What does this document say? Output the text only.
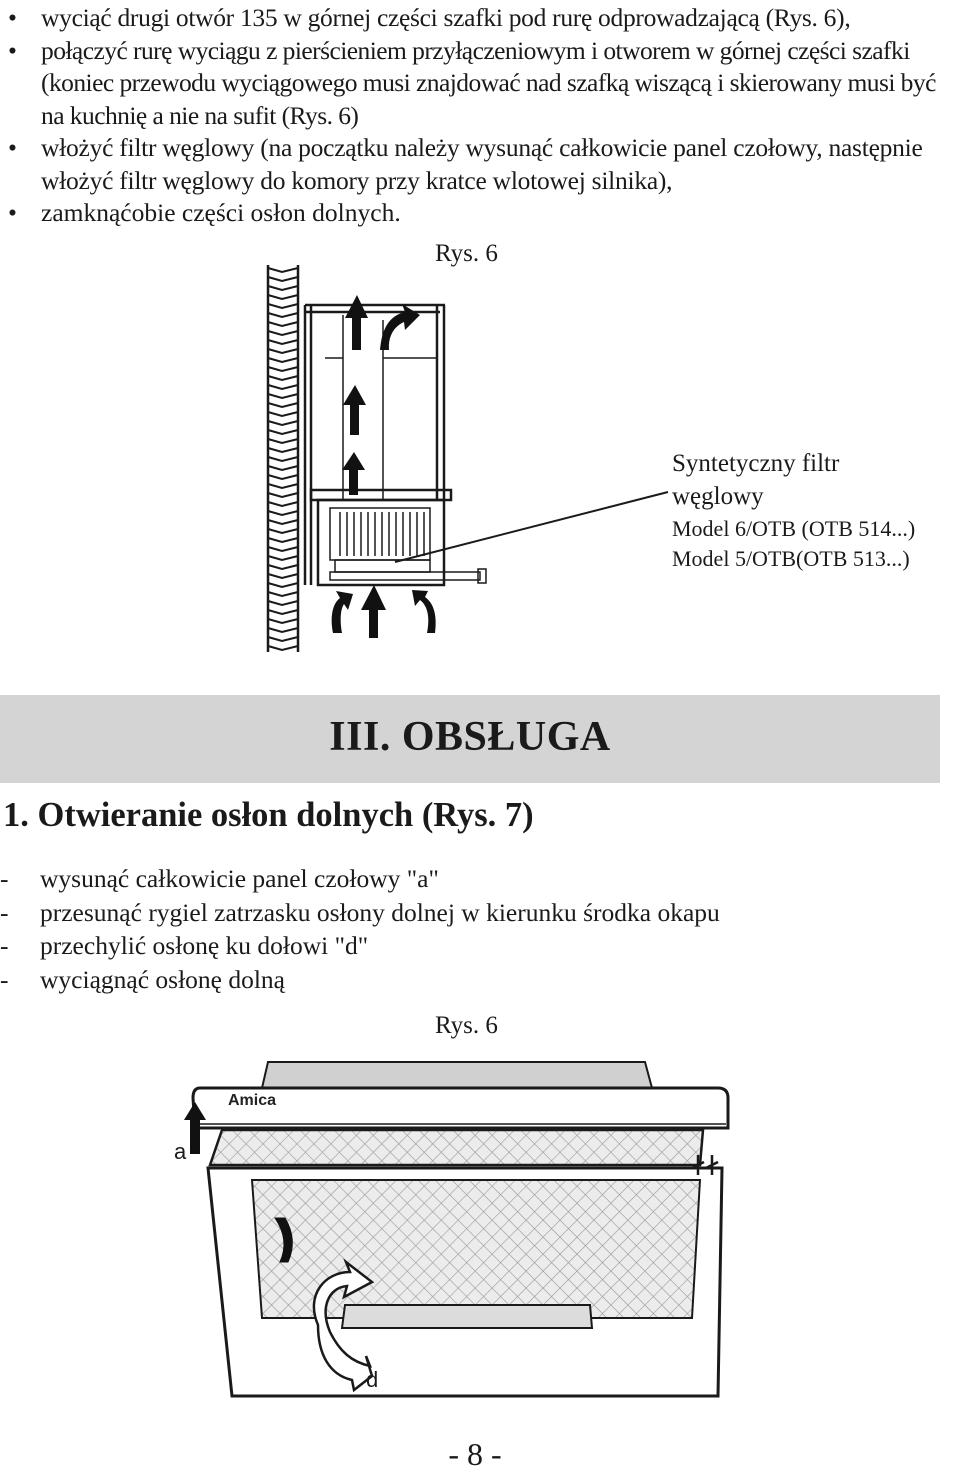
• wyciąć drugi otwór 135 w górnej części szafki pod rurę odprowadzającą (Rys. 6),
• połączyć rurę wyciągu z pierścieniem przyłączeniowym i otworem w górnej części szafki (koniec przewodu wyciągowego musi znajdować nad szafką wiszącą i skierowany musi być na kuchnię a nie na sufit (Rys. 6)
• włożyć filtr węglowy (na początku należy wysunąć całkowicie panel czołowy, następnie włożyć filtr węglowy do komory przy kratce wlotowej silnika),
• zamknąćobie części osłon dolnych.
Rys. 6
Syntetyczny filtr
węglowy
Model 6/OTB (OTB 514...)
Model 5/OTB(OTB 513...)
III. OBSŁUGA
1. Otwieranie osłon dolnych (Rys. 7)
- wysunąć całkowicie panel czołowy "a"
- przesunąć rygiel zatrzasku osłony dolnej w kierunku środka okapu
- przechylić osłonę ku dołowi "d"
- wyciągnąć osłonę dolną
Rys. 6
Amica
a
d
- 8 -
